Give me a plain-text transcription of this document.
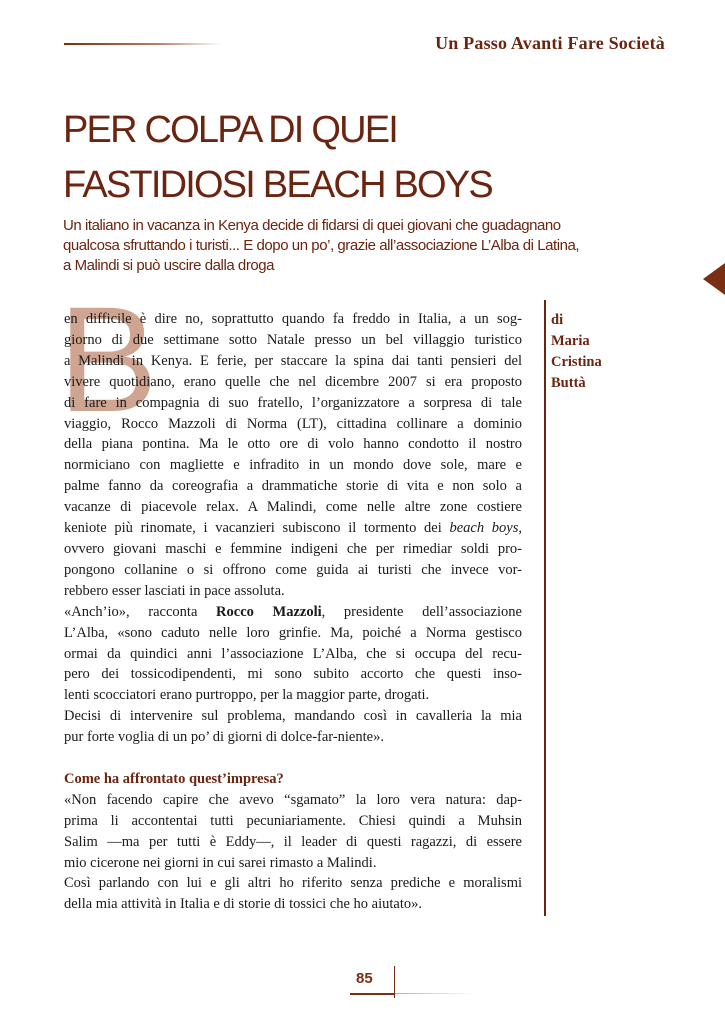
Un Passo Avanti Fare Società
PER COLPA DI QUEI
FASTIDIOSI BEACH BOYS
Un italiano in vacanza in Kenya decide di fidarsi di quei giovani che guadagnano
qualcosa sfruttando i turisti... E dopo un po’, grazie all’associazione L’Alba di Latina,
a Malindi si può uscire dalla droga
B

en difficile è dire no, soprattutto quando fa freddo in Italia, a un sog-
giorno di due settimane sotto Natale presso un bel villaggio turistico
a Malindi in Kenya. E ferie, per staccare la spina dai tanti pensieri del
vivere quotidiano, erano quelle che nel dicembre 2007 si era proposto
di fare in compagnia di suo fratello, l’organizzatore a sorpresa di tale
viaggio, Rocco Mazzoli di Norma (LT), cittadina collinare a dominio
della piana pontina. Ma le otto ore di volo hanno condotto il nostro
normiciano con magliette e infradito in un mondo dove sole, mare e
palme fanno da coreografia a drammatiche storie di vita e non solo a
vacanze di piacevole relax. A Malindi, come nelle altre zone costiere
keniote più rinomate, i vacanzieri subiscono il tormento dei beach boys,
ovvero giovani maschi e femmine indigeni che per rimediar soldi pro-
pongono collanine o si offrono come guida ai turisti che invece vor-
rebbero esser lasciati in pace assoluta.

«Anch’io», racconta Rocco Mazzoli, presidente dell’associazione
L’Alba, «sono caduto nelle loro grinfie. Ma, poiché a Norma gestisco
ormai da quindici anni l’associazione L’Alba, che si occupa del recu-
pero dei tossicodipendenti, mi sono subito accorto che questi inso-
lenti scocciatori erano purtroppo, per la maggior parte, drogati.
Decisi di intervenire sul problema, mandando così in cavalleria la mia
pur forte voglia di un po’ di giorni di dolce-far-niente».

Come ha affrontato quest’impresa?

«Non facendo capire che avevo “sgamato” la loro vera natura: dap-
prima li accontentai tutti pecuniariamente. Chiesi quindi a Muhsin
Salim —ma per tutti è Eddy—, il leader di questi ragazzi, di essere
mio cicerone nei giorni in cui sarei rimasto a Malindi.
Così parlando con lui e gli altri ho riferito senza prediche e moralismi
della mia attività in Italia e di storie di tossici che ho aiutato».

di
Maria
Cristina
Buttà
85
